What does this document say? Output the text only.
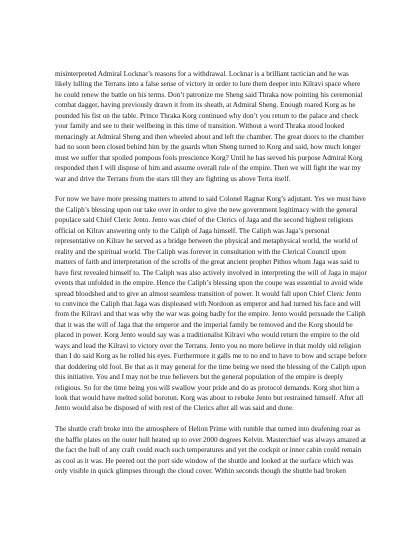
misinterpreted Admiral Locknar’s reasons for a withdrawal. Locknar is a brilliant tactician and he was likely lulling the Terrans into a false sense of victory in order to lure them deeper into Kilravi space where he could renew the battle on his terms. Don’t patronize me Sheng said Thraka now pointing his ceremonial combat dagger, having previously drawn it from its sheath, at Admiral Sheng. Enough roared Korg as he pounded his fist on the table. Prince Thraka Korg continued why don’t you return to the palace and check your family and see to their wellbeing in this time of transition. Without a word Thraka stood looked menacingly at Admiral Sheng and then wheeled about and left the chamber. The great doors to the chamber had no soon been closed behind him by the guards when Sheng turned to Korg and said, how much longer must we suffer that spoiled pompous fools prescience Korg? Until he has served his purpose Admiral Korg responded then I will dispose of him and assume overall rule of the empire. Then we will fight the war my war and drive the Terrans from the stars till they are fighting us above Terra itself.

For now we have more pressing matters to attend to said Colonel Ragnar Korg’s adjutant. Yes we must have the Caliph’s blessing upon our take over in order to give the new government legitimacy with the general populace said Chief Cleric Jento. Jento was chief of the Clerics of Jaga and the second highest religious official on Kilrav answering only to the Caliph of Jaga himself. The Caliph was Jaga’s personal representative on Kilrav he served as a bridge between the physical and metaphysical world, the world of reality and the spiritual world. The Caliph was forever in consultation with the Clerical Council upon matters of faith and interpretation of the scrolls of the great ancient prophet Pithos whom Jaga was said to have first revealed himself to. The Caliph was also actively involved in interpreting the will of Jaga in major events that unfolded in the empire. Hence the Caliph’s blessing upon the coupe was essential to avoid wide spread bloodshed and to give an almost seamless transition of power. It would fall upon Chief Cleric Jento to convince the Caliph that Jaga was displeased with Nordoon as emperor and had turned his face and will from the Kilravi and that was why the war was going badly for the empire. Jento would persuade the Caliph that it was the will of Jaga that the emperor and the imperial family be removed and the Korg should be placed in power. Korg Jento would say was a traditionalist Kilravi who would return the empire to the old ways and lead the Kilravi to victory over the Terrans. Jento you no more believe in that moldy old religion than I do said Korg as he rolled his eyes. Furthermore it galls me to no end to have to bow and scrape before that doddering old fool. Be that as it may general for the time being we need the blessing of the Caliph upon this initiative. You and I may not be true believers but the general population of the empire is deeply religious. So for the time being you will swallow your pride and do as protocol demands. Korg shot him a look that would have melted solid boroton. Korg was about to rebuke Jento but restrained himself. After all Jento would also be disposed of with rest of the Clerics after all was said and done.

The shuttle craft broke into the atmosphere of Helion Prime with rumble that turned into deafening roar as the baffle plates on the outer hull heated up to over 2000 degrees Kelvin. Masterchief was always amazed at the fact the hull of any craft could reach such temperatures and yet the cockpit or inner cabin could remain as cool as it was. He peered out the port side window of the shuttle and looked at the surface which was only visible in quick glimpses through the cloud cover. Within seconds though the shuttle had broken
